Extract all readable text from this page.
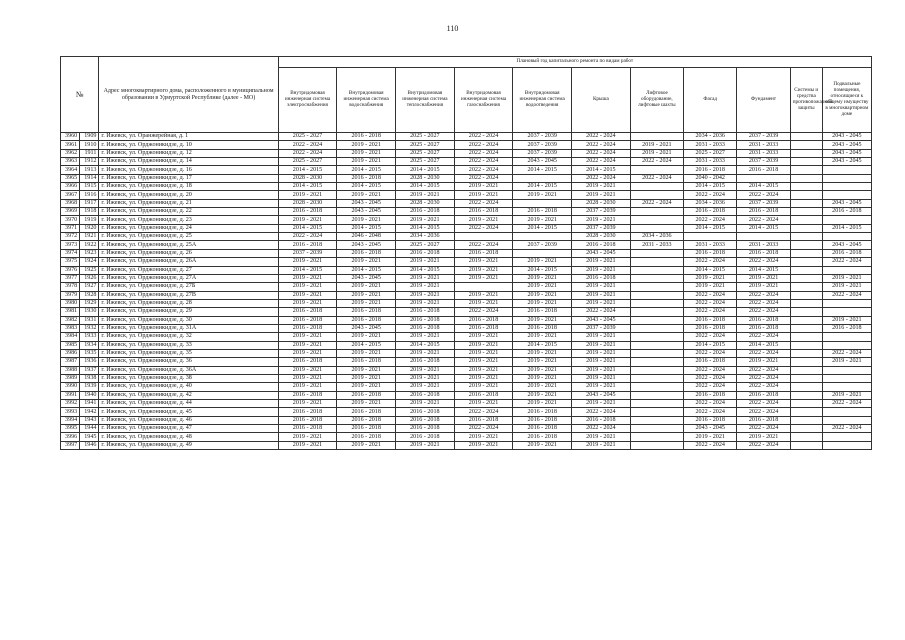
110
№		Адрес многоквартирного дома, расположенного в муниципальном образовании в Удмуртской Республике (далее - МО)	Плановый год капитального ремонта по видам работ										
			Внутридомовая инженерная система электроснабжения	Внутридомовая инженерная система водоснабжения	Внутридомовая инженерная система теплоснабжения	Внутридомовая инженерная система газоснабжения	Внутридомовая инженерная система водоотведения	Крыша	Лифтовое оборудование, лифтовые шахты	Фасад	Фундамент	Системы и средства противопожарной защиты	Подвальные помещения, относящиеся к общему имуществу в многоквартирном доме
3960	1909	г. Ижевск, ул. Оранжерейная, д. 1	2025 - 2027	2016 - 2018	2025 - 2027	2022 - 2024	2037 - 2039	2022 - 2024		2034 - 2036	2037 - 2039		2043 - 2045
3961	1910	г. Ижевск, ул. Орджоникидзе, д. 10	2022 - 2024	2019 - 2021	2025 - 2027	2022 - 2024	2037 - 2039	2022 - 2024	2019 - 2021	2031 - 2033	2031 - 2033		2043 - 2045
3962	1911	г. Ижевск, ул. Орджоникидзе, д. 12	2022 - 2024	2019 - 2021	2025 - 2027	2022 - 2024	2037 - 2039	2022 - 2024	2019 - 2021	2025 - 2027	2031 - 2033		2043 - 2045
3963	1912	г. Ижевск, ул. Орджоникидзе, д. 14	2025 - 2027	2019 - 2021	2025 - 2027	2022 - 2024	2043 - 2045	2022 - 2024	2022 - 2024	2031 - 2033	2037 - 2039		2043 - 2045
3964	1913	г. Ижевск, ул. Орджоникидзе, д. 16	2014 - 2015	2014 - 2015	2014 - 2015	2022 - 2024	2014 - 2015	2014 - 2015		2016 - 2018	2016 - 2018		
3965	1914	г. Ижевск, ул. Орджоникидзе, д. 17	2028 - 2030	2016 - 2018	2028 - 2030	2022 - 2024		2022 - 2024	2022 - 2024	2040 - 2042			
3966	1915	г. Ижевск, ул. Орджоникидзе, д. 18	2014 - 2015	2014 - 2015	2014 - 2015	2019 - 2021	2014 - 2015	2019 - 2021		2014 - 2015	2014 - 2015		
3967	1916	г. Ижевск, ул. Орджоникидзе, д. 20	2019 - 2021	2019 - 2021	2019 - 2021	2019 - 2021	2019 - 2021	2019 - 2021		2022 - 2024	2022 - 2024		
3968	1917	г. Ижевск, ул. Орджоникидзе, д. 21	2028 - 2030	2043 - 2045	2028 - 2030	2022 - 2024		2028 - 2030	2022 - 2024	2034 - 2036	2037 - 2039		2043 - 2045
3969	1918	г. Ижевск, ул. Орджоникидзе, д. 22	2016 - 2018	2043 - 2045	2016 - 2018	2016 - 2018	2016 - 2018	2037 - 2039		2016 - 2018	2016 - 2018		2016 - 2018
3970	1919	г. Ижевск, ул. Орджоникидзе, д. 23	2019 - 2021	2019 - 2021	2019 - 2021	2019 - 2021	2019 - 2021	2019 - 2021		2022 - 2024	2022 - 2024		
3971	1920	г. Ижевск, ул. Орджоникидзе, д. 24	2014 - 2015	2014 - 2015	2014 - 2015	2022 - 2024	2014 - 2015	2037 - 2039		2014 - 2015	2014 - 2015		2014 - 2015
3972	1921	г. Ижевск, ул. Орджоникидзе, д. 25	2022 - 2024	2046 - 2048	2034 - 2036			2028 - 2030	2034 - 2036				
3973	1922	г. Ижевск, ул. Орджоникидзе, д. 25А	2016 - 2018	2043 - 2045	2025 - 2027	2022 - 2024	2037 - 2039	2016 - 2018	2031 - 2033	2031 - 2033	2031 - 2033		2043 - 2045
3974	1923	г. Ижевск, ул. Орджоникидзе, д. 26	2037 - 2039	2016 - 2018	2016 - 2018	2016 - 2018		2043 - 2045		2016 - 2018	2016 - 2018		2016 - 2018
3975	1924	г. Ижевск, ул. Орджоникидзе, д. 26А	2019 - 2021	2019 - 2021	2019 - 2021	2019 - 2021	2019 - 2021	2019 - 2021		2022 - 2024	2022 - 2024		2022 - 2024
3976	1925	г. Ижевск, ул. Орджоникидзе, д. 27	2014 - 2015	2014 - 2015	2014 - 2015	2019 - 2021	2014 - 2015	2019 - 2021		2014 - 2015	2014 - 2015		
3977	1926	г. Ижевск, ул. Орджоникидзе, д. 27А	2019 - 2021	2043 - 2045	2019 - 2021	2019 - 2021	2019 - 2021	2016 - 2018		2019 - 2021	2019 - 2021		2019 - 2021
3978	1927	г. Ижевск, ул. Орджоникидзе, д. 27Б	2019 - 2021	2019 - 2021	2019 - 2021		2019 - 2021	2019 - 2021		2019 - 2021	2019 - 2021		2019 - 2021
3979	1928	г. Ижевск, ул. Орджоникидзе, д. 27В	2019 - 2021	2019 - 2021	2019 - 2021	2019 - 2021	2019 - 2021	2019 - 2021		2022 - 2024	2022 - 2024		2022 - 2024
3980	1929	г. Ижевск, ул. Орджоникидзе, д. 28	2019 - 2021	2019 - 2021	2019 - 2021	2019 - 2021	2019 - 2021	2019 - 2021		2022 - 2024	2022 - 2024		
3981	1930	г. Ижевск, ул. Орджоникидзе, д. 29	2016 - 2018	2016 - 2018	2016 - 2018	2022 - 2024	2016 - 2018	2022 - 2024		2022 - 2024	2022 - 2024		
3982	1931	г. Ижевск, ул. Орджоникидзе, д. 30	2016 - 2018	2016 - 2018	2016 - 2018	2016 - 2018	2019 - 2021	2043 - 2045		2016 - 2018	2016 - 2018		2019 - 2021
3983	1932	г. Ижевск, ул. Орджоникидзе, д. 31А	2016 - 2018	2043 - 2045	2016 - 2018	2016 - 2018	2016 - 2018	2037 - 2039		2016 - 2018	2016 - 2018		2016 - 2018
3984	1933	г. Ижевск, ул. Орджоникидзе, д. 32	2019 - 2021	2019 - 2021	2019 - 2021	2019 - 2021	2019 - 2021	2019 - 2021		2022 - 2024	2022 - 2024		
3985	1934	г. Ижевск, ул. Орджоникидзе, д. 33	2019 - 2021	2014 - 2015	2014 - 2015	2019 - 2021	2014 - 2015	2019 - 2021		2014 - 2015	2014 - 2015		
3986	1935	г. Ижевск, ул. Орджоникидзе, д. 35	2019 - 2021	2019 - 2021	2019 - 2021	2019 - 2021	2019 - 2021	2019 - 2021		2022 - 2024	2022 - 2024		2022 - 2024
3987	1936	г. Ижевск, ул. Орджоникидзе, д. 36	2016 - 2018	2016 - 2018	2016 - 2018	2019 - 2021	2019 - 2021	2019 - 2021		2016 - 2018	2019 - 2021		2019 - 2021
3988	1937	г. Ижевск, ул. Орджоникидзе, д. 36А	2019 - 2021	2019 - 2021	2019 - 2021	2019 - 2021	2019 - 2021	2019 - 2021		2022 - 2024	2022 - 2024		
3989	1938	г. Ижевск, ул. Орджоникидзе, д. 38	2019 - 2021	2019 - 2021	2019 - 2021	2019 - 2021	2019 - 2021	2019 - 2021		2022 - 2024	2022 - 2024		
3990	1939	г. Ижевск, ул. Орджоникидзе, д. 40	2019 - 2021	2019 - 2021	2019 - 2021	2019 - 2021	2019 - 2021	2019 - 2021		2022 - 2024	2022 - 2024		
3991	1940	г. Ижевск, ул. Орджоникидзе, д. 42	2016 - 2018	2016 - 2018	2016 - 2018	2016 - 2018	2019 - 2021	2043 - 2045		2016 - 2018	2016 - 2018		2019 - 2021
3992	1941	г. Ижевск, ул. Орджоникидзе, д. 44	2019 - 2021	2019 - 2021	2019 - 2021	2019 - 2021	2019 - 2021	2019 - 2021		2022 - 2024	2022 - 2024		2022 - 2024
3993	1942	г. Ижевск, ул. Орджоникидзе, д. 45	2016 - 2018	2016 - 2018	2016 - 2018	2022 - 2024	2016 - 2018	2022 - 2024		2022 - 2024	2022 - 2024		
3994	1943	г. Ижевск, ул. Орджоникидзе, д. 46	2016 - 2018	2016 - 2018	2016 - 2018	2016 - 2018	2016 - 2018	2016 - 2018		2016 - 2018	2016 - 2018		
3995	1944	г. Ижевск, ул. Орджоникидзе, д. 47	2016 - 2018	2016 - 2018	2016 - 2018	2022 - 2024	2016 - 2018	2022 - 2024		2043 - 2045	2022 - 2024		2022 - 2024
3996	1945	г. Ижевск, ул. Орджоникидзе, д. 48	2019 - 2021	2016 - 2018	2016 - 2018	2019 - 2021	2016 - 2018	2019 - 2021		2019 - 2021	2019 - 2021		
3997	1946	г. Ижевск, ул. Орджоникидзе, д. 49	2019 - 2021	2019 - 2021	2019 - 2021	2019 - 2021	2019 - 2021	2019 - 2021		2022 - 2024	2022 - 2024		
